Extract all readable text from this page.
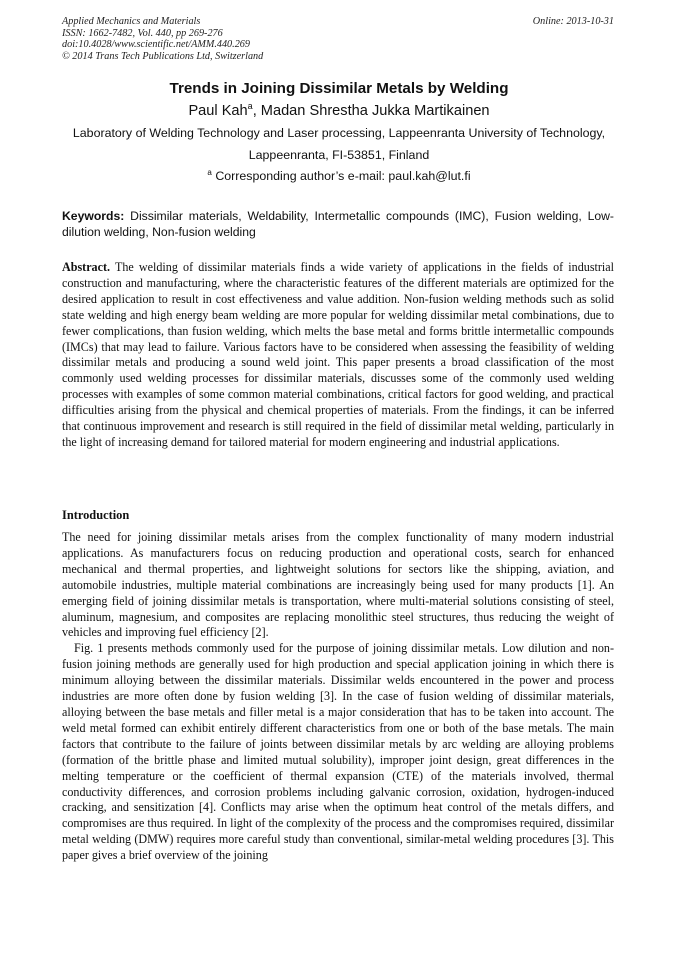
Applied Mechanics and Materials
ISSN: 1662-7482, Vol. 440, pp 269-276
doi:10.4028/www.scientific.net/AMM.440.269
© 2014 Trans Tech Publications Ltd, Switzerland
Online: 2013-10-31
Trends in Joining Dissimilar Metals by Welding
Paul Kah$^a$, Madan Shrestha Jukka Martikainen
Laboratory of Welding Technology and Laser processing, Lappeenranta University of Technology,
Lappeenranta, FI-53851, Finland
$^a$ Corresponding author’s e-mail: paul.kah@lut.fi
Keywords: Dissimilar materials, Weldability, Intermetallic compounds (IMC), Fusion welding, Low-dilution welding, Non-fusion welding
Abstract. The welding of dissimilar materials finds a wide variety of applications in the fields of industrial construction and manufacturing, where the characteristic features of the different materials are optimized for the desired application to result in cost effectiveness and value addition. Non-fusion welding methods such as solid state welding and high energy beam welding are more popular for welding dissimilar metal combinations, due to fewer complications, than fusion welding, which melts the base metal and forms brittle intermetallic compounds (IMCs) that may lead to failure. Various factors have to be considered when assessing the feasibility of welding dissimilar metals and producing a sound weld joint. This paper presents a broad classification of the most commonly used welding processes for dissimilar materials, discusses some of the commonly used welding processes with examples of some common material combinations, critical factors for good welding, and practical difficulties arising from the physical and chemical properties of materials. From the findings, it can be inferred that continuous improvement and research is still required in the field of dissimilar metal welding, particularly in the light of increasing demand for tailored material for modern engineering and industrial applications.
Introduction

The need for joining dissimilar metals arises from the complex functionality of many modern industrial applications. As manufacturers focus on reducing production and operational costs, search for enhanced mechanical and thermal properties, and lightweight solutions for sectors like the shipping, aviation, and automobile industries, multiple material combinations are increasingly being used for many products [1]. An emerging field of joining dissimilar metals is transportation, where multi-material solutions consisting of steel, aluminum, magnesium, and composites are replacing monolithic steel structures, thus reducing the weight of vehicles and improving fuel efficiency [2].

Fig. 1 presents methods commonly used for the purpose of joining dissimilar metals. Low dilution and non-fusion joining methods are generally used for high production and special application joining in which there is minimum alloying between the dissimilar materials. Dissimilar welds encountered in the power and process industries are more often done by fusion welding [3]. In the case of fusion welding of dissimilar materials, alloying between the base metals and filler metal is a major consideration that has to be taken into account. The weld metal formed can exhibit entirely different characteristics from one or both of the base metals. The main factors that contribute to the failure of joints between dissimilar metals by arc welding are alloying problems (formation of the brittle phase and limited mutual solubility), improper joint design, great differences in the melting temperature or the coefficient of thermal expansion (CTE) of the materials involved, thermal conductivity differences, and corrosion problems including galvanic corrosion, oxidation, hydrogen-induced cracking, and sensitization [4]. Conflicts may arise when the optimum heat control of the metals differs, and compromises are thus required. In light of the complexity of the process and the compromises required, dissimilar metal welding (DMW) requires more careful study than conventional, similar-metal welding procedures [3]. This paper gives a brief overview of the joining
